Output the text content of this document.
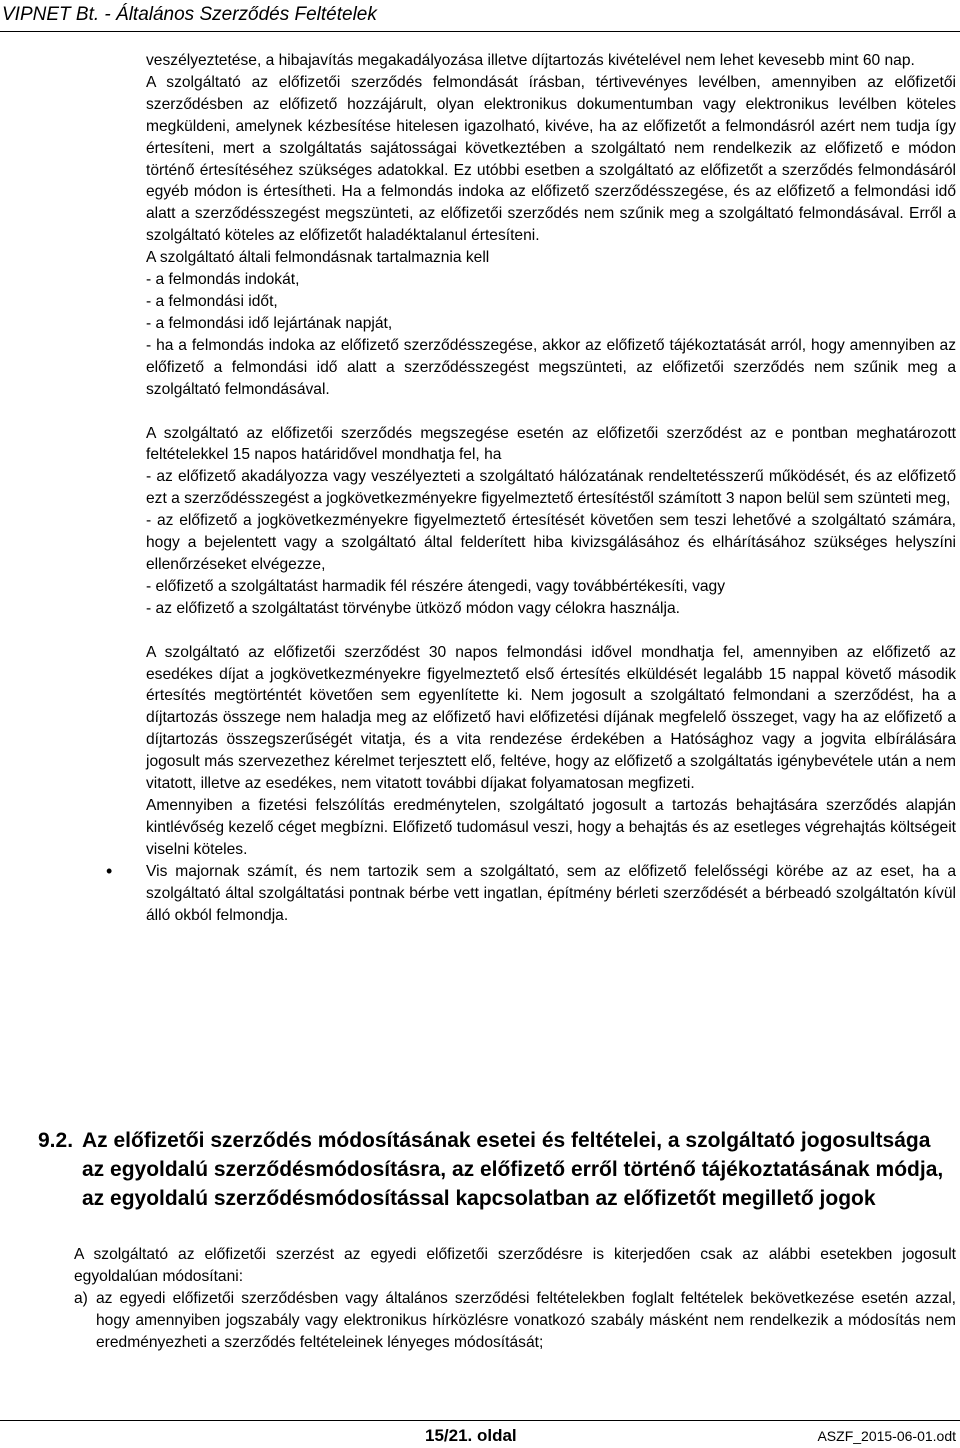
VIPNET Bt. - Általános Szerződés Feltételek

veszélyeztetése, a hibajavítás megakadályozása illetve díjtartozás kivételével nem lehet kevesebb mint 60 nap.

A szolgáltató az előfizetői szerződés felmondását írásban, tértivevényes levélben, amennyiben az előfizetői szerződésben az előfizető hozzájárult, olyan elektronikus dokumentumban vagy elektronikus levélben köteles megküldeni, amelynek kézbesítése hitelesen igazolható, kivéve, ha az előfizetőt a felmondásról azért nem tudja így értesíteni, mert a szolgáltatás sajátosságai következtében a szolgáltató nem rendelkezik az előfizető e módon történő értesítéséhez szükséges adatokkal. Ez utóbbi esetben a szolgáltató az előfizetőt a szerződés felmondásáról egyéb módon is értesítheti. Ha a felmondás indoka az előfizető szerződésszegése, és az előfizető a felmondási idő alatt a szerződésszegést megszünteti, az előfizetői szerződés nem szűnik meg a szolgáltató felmondásával. Erről a szolgáltató köteles az előfizetőt haladéktalanul értesíteni.

A szolgáltató általi felmondásnak tartalmaznia kell

- a felmondás indokát,

- a felmondási időt,

- a felmondási idő lejártának napját,

- ha a felmondás indoka az előfizető szerződésszegése, akkor az előfizető tájékoztatását arról, hogy amennyiben az előfizető a felmondási idő alatt a szerződésszegést megszünteti, az előfizetői szerződés nem szűnik meg a szolgáltató felmondásával.

A szolgáltató az előfizetői szerződés megszegése esetén az előfizetői szerződést az e pontban meghatározott feltételekkel 15 napos határidővel mondhatja fel, ha

- az előfizető akadályozza vagy veszélyezteti a szolgáltató hálózatának rendeltetésszerű működését, és az előfizető ezt a szerződésszegést a jogkövetkezményekre figyelmeztető értesítéstől számított 3 napon belül sem szünteti meg,

- az előfizető a jogkövetkezményekre figyelmeztető értesítését követően sem teszi lehetővé a szolgáltató számára, hogy a bejelentett vagy a szolgáltató által felderített hiba kivizsgálásához és elhárításához szükséges helyszíni ellenőrzéseket elvégezze,

- előfizető a szolgáltatást harmadik fél részére átengedi, vagy továbbértékesíti, vagy

- az előfizető a szolgáltatást törvénybe ütköző módon vagy célokra használja.

A szolgáltató az előfizetői szerződést 30 napos felmondási idővel mondhatja fel, amennyiben az előfizető az esedékes díjat a jogkövetkezményekre figyelmeztető első értesítés elküldését legalább 15 nappal követő második értesítés megtörténtét követően sem egyenlítette ki. Nem jogosult a szolgáltató felmondani a szerződést, ha a díjtartozás összege nem haladja meg az előfizető havi előfizetési díjának megfelelő összeget, vagy ha az előfizető a díjtartozás összegszerűségét vitatja, és a vita rendezése érdekében a Hatósághoz vagy a jogvita elbírálására jogosult más szervezethez kérelmet terjesztett elő, feltéve, hogy az előfizető a szolgáltatás igénybevétele után a nem vitatott, illetve az esedékes, nem vitatott további díjakat folyamatosan megfizeti.

Amennyiben a fizetési felszólítás eredménytelen, szolgáltató jogosult a tartozás behajtására szerződés alapján kintlévőség kezelő céget megbízni. Előfizető tudomásul veszi, hogy a behajtás és az esetleges végrehajtás költségeit viselni köteles.

• Vis majornak számít, és nem tartozik sem a szolgáltató, sem az előfizető felelősségi körébe az az eset, ha a szolgáltató által szolgáltatási pontnak bérbe vett ingatlan, építmény bérleti szerződését a bérbeadó szolgáltatón kívül álló okból felmondja.

9.2. Az előfizetői szerződés módosításának esetei és feltételei, a szolgáltató jogosultsága az egyoldalú szerződésmódosításra, az előfizető erről történő tájékoztatásának módja, az egyoldalú szerződésmódosítással kapcsolatban az előfizetőt megillető jogok

A szolgáltató az előfizetői szerzést az egyedi előfizetői szerződésre is kiterjedően csak az alábbi esetekben jogosult egyoldalúan módosítani:

a) az egyedi előfizetői szerződésben vagy általános szerződési feltételekben foglalt feltételek bekövetkezése esetén azzal, hogy amennyiben jogszabály vagy elektronikus hírközlésre vonatkozó szabály másként nem rendelkezik a módosítás nem eredményezheti a szerződés feltételeinek lényeges módosítását;

15/21. oldal	ASZF_2015-06-01.odt
